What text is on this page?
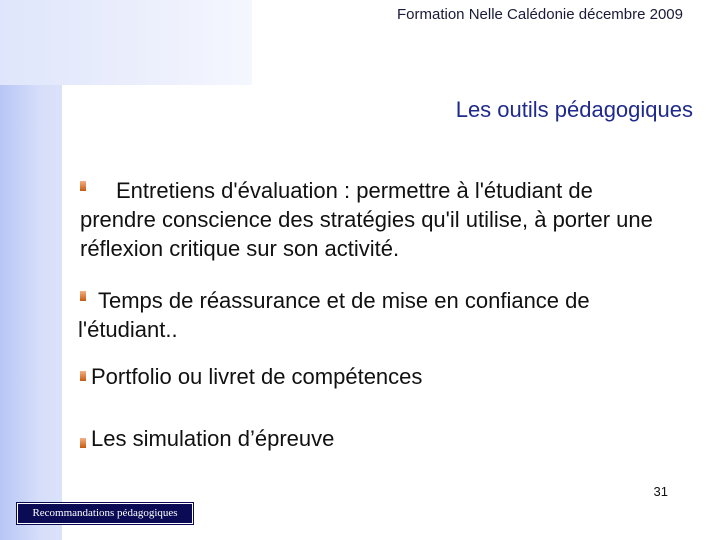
Formation Nelle Calédonie décembre 2009
Les outils pédagogiques
Entretiens d'évaluation : permettre à l'étudiant de prendre conscience des stratégies qu'il utilise, à porter une réflexion critique sur son activité.
Temps de réassurance et de mise en confiance de l'étudiant..
Portfolio ou livret de compétences
Les simulation d’épreuve
31
Recommandations pédagogiques
